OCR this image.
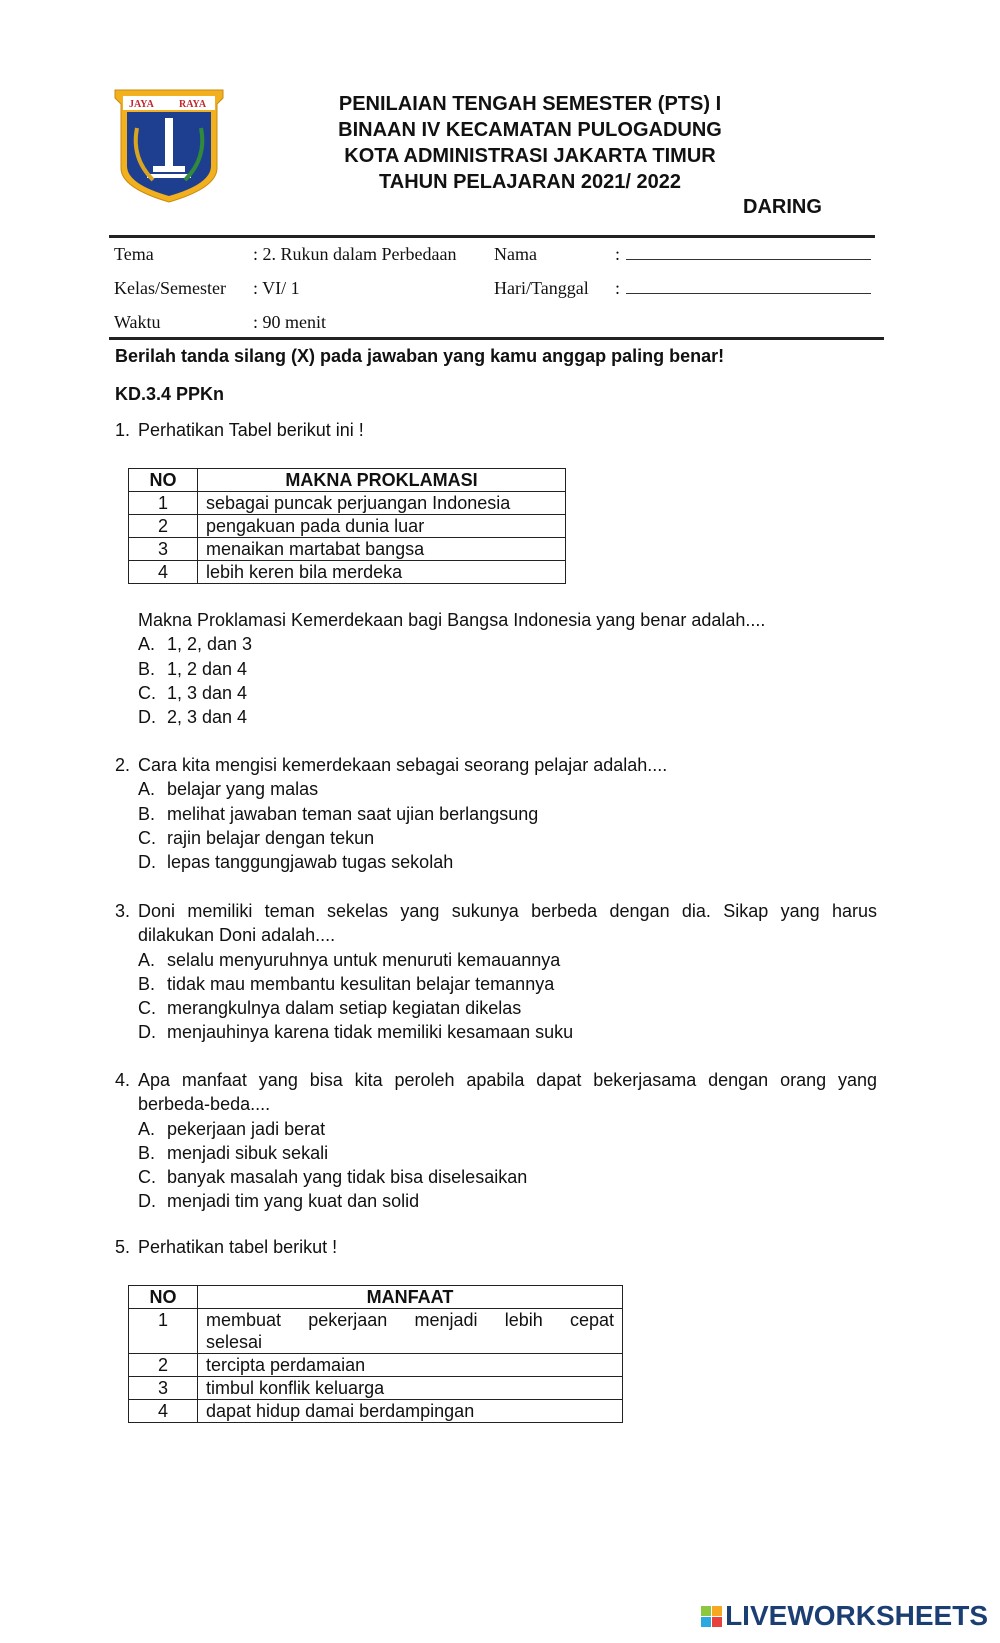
JAYA	RAYA	PENILAIAN TENGAH SEMESTER (PTS) I
BINAAN IV KECAMATAN PULOGADUNG
KOTA ADMINISTRASI JAKARTA TIMUR
TAHUN PELAJARAN 2021/ 2022
DARING
Tema	: 2. Rukun dalam Perbedaan
Kelas/Semester : VI/ 1
Waktu	: 90 menit
Nama	:
Hari/Tanggal :
Berilah tanda silang (X) pada jawaban yang kamu anggap paling benar!
KD.3.4 PPKn
1. Perhatikan Tabel berikut ini !
NO	MAKNA PROKLAMASI
1	sebagai puncak perjuangan Indonesia
2	pengakuan pada dunia luar
3	menaikan martabat bangsa
4	lebih keren bila merdeka
Makna Proklamasi Kemerdekaan bagi Bangsa Indonesia yang benar adalah....
A. 1, 2, dan 3
B. 1, 2 dan 4
C. 1, 3 dan 4
D. 2, 3 dan 4
2. Cara kita mengisi kemerdekaan sebagai seorang pelajar adalah....
A. belajar yang malas
B. melihat jawaban teman saat ujian berlangsung
C. rajin belajar dengan tekun
D. lepas tanggungjawab tugas sekolah
3. Doni memiliki teman sekelas yang sukunya berbeda dengan dia. Sikap yang harus dilakukan Doni adalah....
A. selalu menyuruhnya untuk menuruti kemauannya
B. tidak mau membantu kesulitan belajar temannya
C. merangkulnya dalam setiap kegiatan dikelas
D. menjauhinya karena tidak memiliki kesamaan suku
4. Apa manfaat yang bisa kita peroleh apabila dapat bekerjasama dengan orang yang berbeda-beda....
A. pekerjaan jadi berat
B. menjadi sibuk sekali
C. banyak masalah yang tidak bisa diselesaikan
D. menjadi tim yang kuat dan solid
5. Perhatikan tabel berikut !
NO	MANFAAT
1	membuat pekerjaan menjadi lebih cepat selesai
2	tercipta perdamaian
3	timbul konflik keluarga
4	dapat hidup damai berdampingan
LIVEWORKSHEETS
